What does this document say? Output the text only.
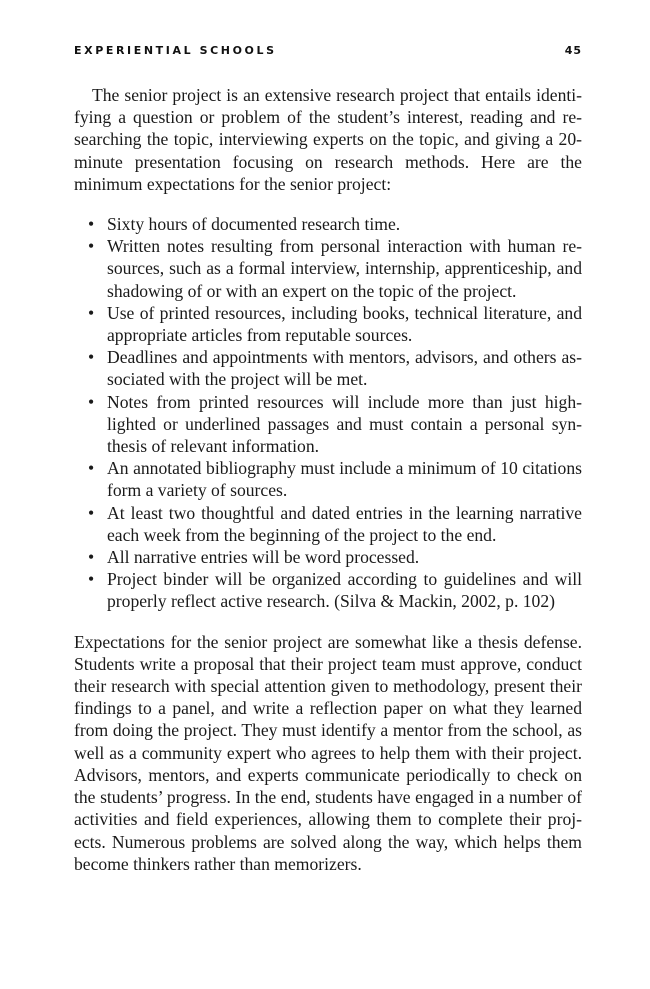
EXPERIENTIAL SCHOOLS	45

The senior project is an extensive research project that entails identifying a question or problem of the student’s interest, reading and researching the topic, interviewing experts on the topic, and giving a 20-minute presentation focusing on research methods. Here are the minimum expectations for the senior project:

• Sixty hours of documented research time.
• Written notes resulting from personal interaction with human resources, such as a formal interview, internship, apprenticeship, and shadowing of or with an expert on the topic of the project.
• Use of printed resources, including books, technical literature, and appropriate articles from reputable sources.
• Deadlines and appointments with mentors, advisors, and others associated with the project will be met.
• Notes from printed resources will include more than just highlighted or underlined passages and must contain a personal synthesis of relevant information.
• An annotated bibliography must include a minimum of 10 citations form a variety of sources.
• At least two thoughtful and dated entries in the learning narrative each week from the beginning of the project to the end.
• All narrative entries will be word processed.
• Project binder will be organized according to guidelines and will properly reflect active research. (Silva & Mackin, 2002, p. 102)

Expectations for the senior project are somewhat like a thesis defense. Students write a proposal that their project team must approve, conduct their research with special attention given to methodology, present their findings to a panel, and write a reflection paper on what they learned from doing the project. They must identify a mentor from the school, as well as a community expert who agrees to help them with their project. Advisors, mentors, and experts communicate periodically to check on the students’ progress. In the end, students have engaged in a number of activities and field experiences, allowing them to complete their projects. Numerous problems are solved along the way, which helps them become thinkers rather than memorizers.
